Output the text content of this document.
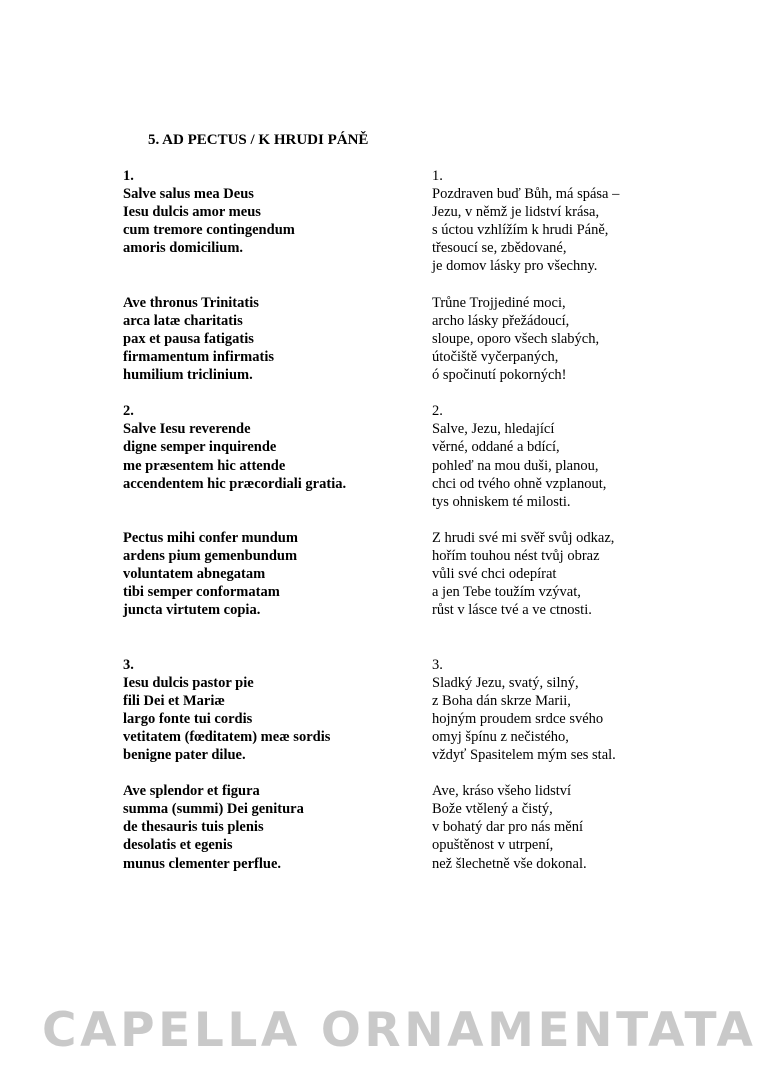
5. AD PECTUS / K HRUDI PÁNĚ
1.
Salve salus mea Deus
Iesu dulcis amor meus
cum tremore contingendum
amoris domicilium.
Ave thronus Trinitatis
arca latæ charitatis
pax et pausa fatigatis
firmamentum infirmatis
humilium triclinium.
2.
Salve Iesu reverende
digne semper inquirende
me præsentem hic attende
accendentem hic præcordiali gratia.
Pectus mihi confer mundum
ardens pium gemenbundum
voluntatem abnegatam
tibi semper conformatam
juncta virtutem copia.
3.
Iesu dulcis pastor pie
fili Dei et Mariæ
largo fonte tui cordis
vetitatem (fœditatem) meæ sordis
benigne pater dilue.
Ave splendor et figura
summa (summi) Dei genitura
de thesauris tuis plenis
desolatis et egenis
munus clementer perflue.
1.
Pozdraven buď Bůh, má spása –
Jezu, v němž je lidství krása,
s úctou vzhlížím k hrudi Páně,
třesoucí se, zbědované,
je domov lásky pro všechny.
Trůne Trojjediné moci,
archo lásky přežádoucí,
sloupe, oporo všech slabých,
útočiště vyčerpaných,
ó spočinutí pokorných!
2.
Salve, Jezu, hledající
věrné, oddané a bdící,
pohleď na mou duši, planou,
chci od tvého ohně vzplanout,
tys ohniskem té milosti.
Z hrudi své mi svěř svůj odkaz,
hořím touhou nést tvůj obraz
vůli své chci odepírat
a jen Tebe toužím vzývat,
růst v lásce tvé a ve ctnosti.
3.
Sladký Jezu, svatý, silný,
z Boha dán skrze Marii,
hojným proudem srdce svého
omyj špínu z nečistého,
vždyť Spasitelem mým ses stal.
Ave, kráso všeho lidství
Bože vtělený a čistý,
v bohatý dar pro nás mění
opuštěnost v utrpení,
než šlechetně vše dokonal.
CAPELLA ORNAMENTATA
